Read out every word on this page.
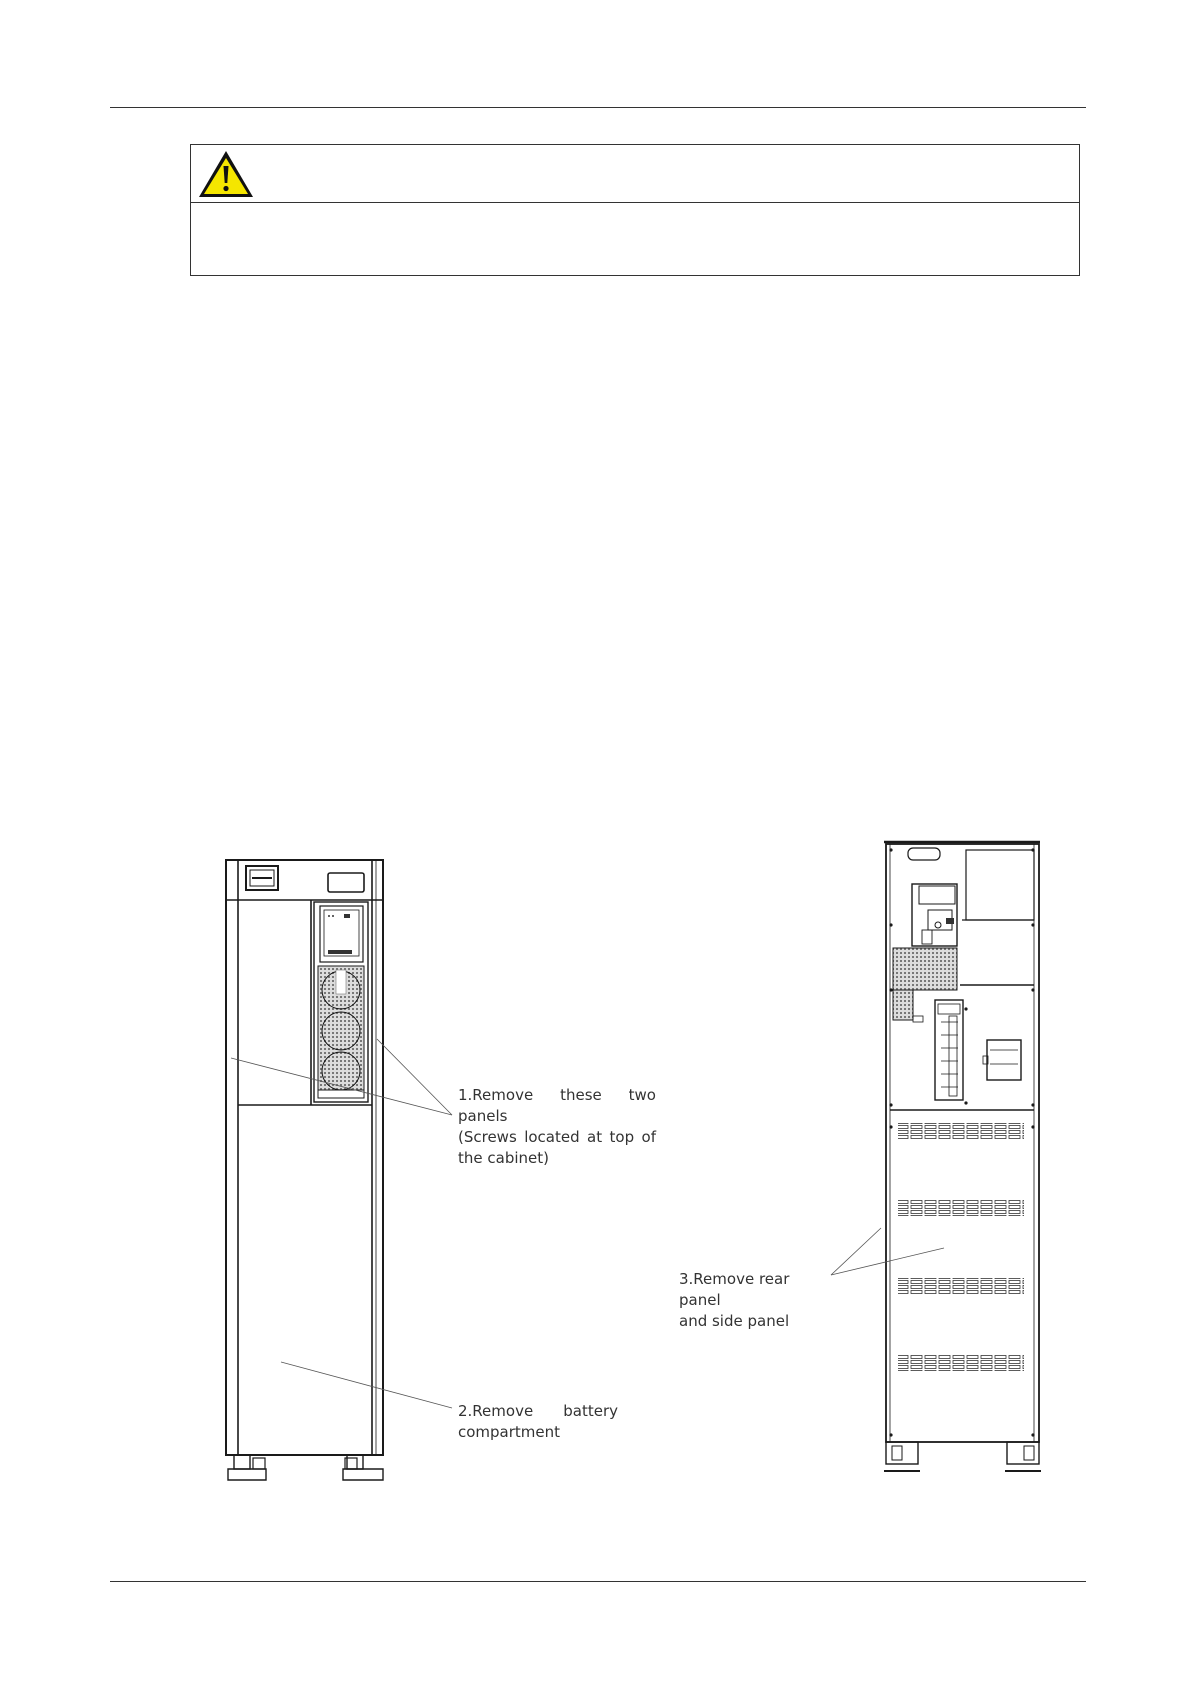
1.Remove these two panels
(Screws located at top of
the cabinet)

2.Remove battery
compartment

3.Remove rear panel
and side panel
